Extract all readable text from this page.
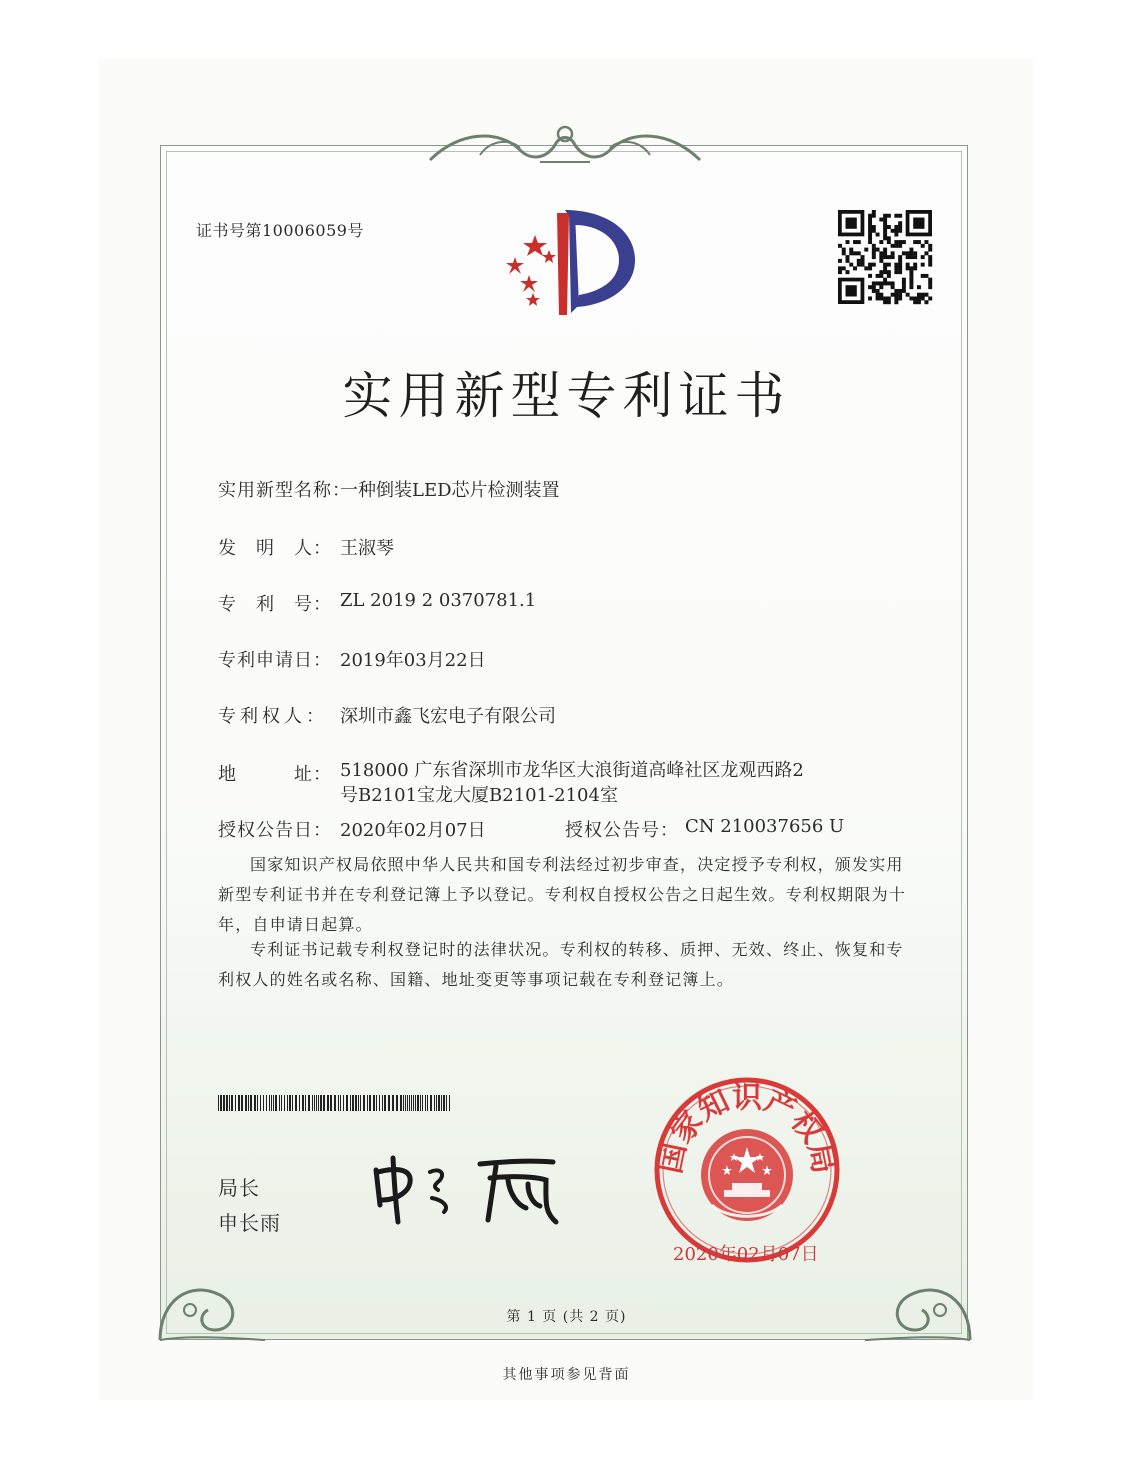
证书号第10006059号
实用新型专利证书
实用新型名称：
一种倒装LED芯片检测装置
发　明　人： 王淑琴
专　利　号： ZL 2019 2 0370781.1
专利申请日： 2019年03月22日
专利权人： 深圳市鑫飞宏电子有限公司
地　　　址： 518000 广东省深圳市龙华区大浪街道高峰社区龙观西路2
号B2101宝龙大厦B2101-2104室
授权公告日： 2020年02月07日	授权公告号： CN 210037656 U
国家知识产权局依照中华人民共和国专利法经过初步审查，决定授予专利权，颁发实用新型专利证书并在专利登记簿上予以登记。专利权自授权公告之日起生效。专利权期限为十年，自申请日起算。
专利证书记载专利权登记时的法律状况。专利权的转移、质押、无效、终止、恢复和专利权人的姓名或名称、国籍、地址变更等事项记载在专利登记簿上。
局长
申长雨
国家知识产权局
2020年02月07日
第 1 页 (共 2 页)
其他事项参见背面
